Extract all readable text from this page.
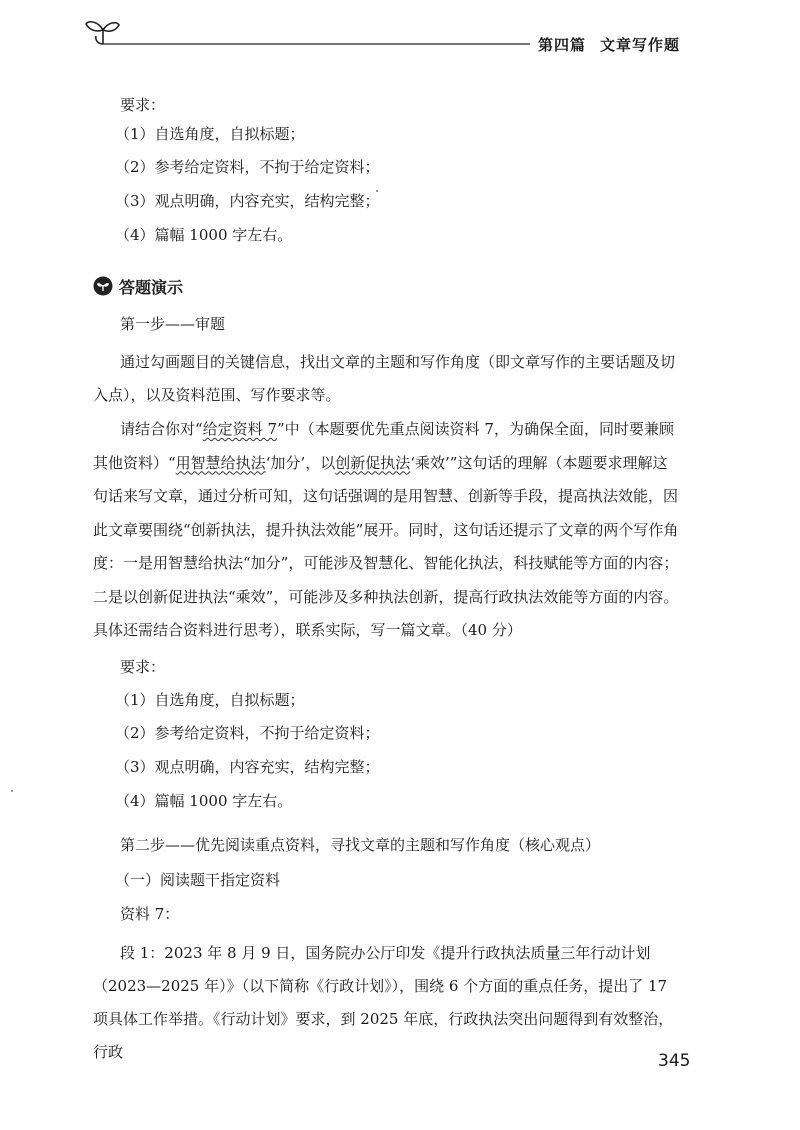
第四篇 文章写作题
要求：
（1）自选角度，自拟标题；
（2）参考给定资料，不拘于给定资料；
（3）观点明确，内容充实，结构完整；
（4）篇幅 1000 字左右。
答题演示
第一步——审题
通过勾画题目的关键信息，找出文章的主题和写作角度（即文章写作的主要话题及切入点），以及资料范围、写作要求等。
请结合你对“给定资料 7”中（本题要优先重点阅读资料 7，为确保全面，同时要兼顾其他资料）“用智慧给执法‘加分’，以创新促执法‘乘效’”这句话的理解（本题要求理解这句话来写文章，通过分析可知，这句话强调的是用智慧、创新等手段，提高执法效能，因此文章要围绕“创新执法，提升执法效能”展开。同时，这句话还提示了文章的两个写作角度：一是用智慧给执法“加分”，可能涉及智慧化、智能化执法，科技赋能等方面的内容；二是以创新促进执法“乘效”，可能涉及多种执法创新，提高行政执法效能等方面的内容。具体还需结合资料进行思考），联系实际，写一篇文章。（40 分）
要求：
（1）自选角度，自拟标题；
（2）参考给定资料，不拘于给定资料；
（3）观点明确，内容充实，结构完整；
（4）篇幅 1000 字左右。
第二步——优先阅读重点资料，寻找文章的主题和写作角度（核心观点）
（一）阅读题干指定资料
资料 7：
段 1：2023 年 8 月 9 日，国务院办公厅印发《提升行政执法质量三年行动计划（2023—2025 年）》（以下简称《行政计划》），围绕 6 个方面的重点任务，提出了 17 项具体工作举措。《行动计划》要求，到 2025 年底，行政执法突出问题得到有效整治，行政	345
